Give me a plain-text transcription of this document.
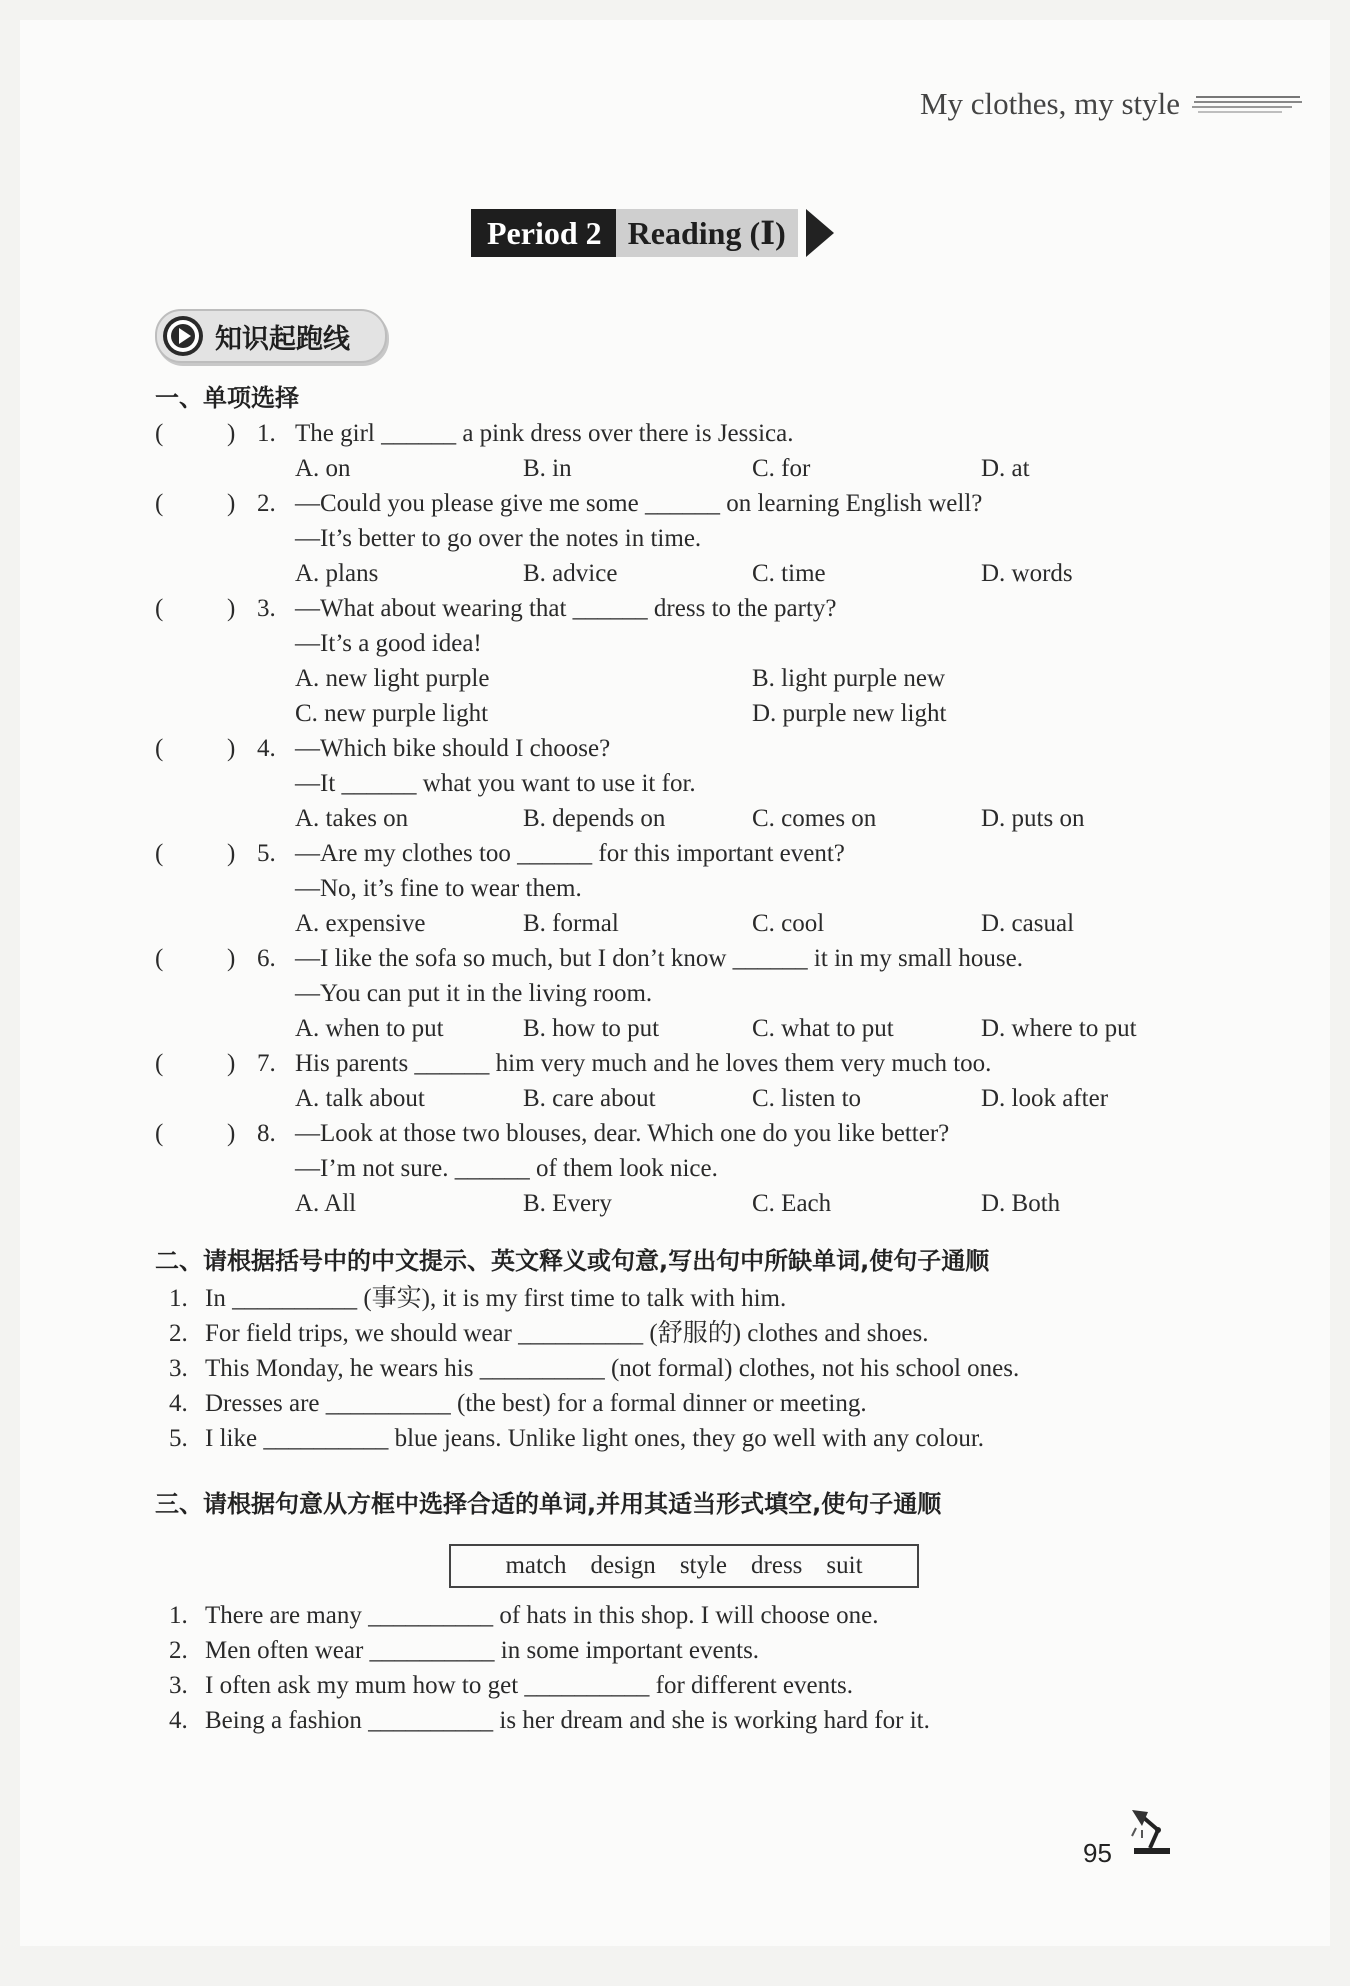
My clothes, my style
Period 2 Reading (Ⅰ)
知识起跑线
一、单项选择
(	) 1. The girl ______ a pink dress over there is Jessica.
A. on	B. in	C. for	D. at
(	) 2. —Could you please give me some ______ on learning English well?
—It’s better to go over the notes in time.
A. plans	B. advice	C. time	D. words
(	) 3. —What about wearing that ______ dress to the party?
—It’s a good idea!
A. new light purple	B. light purple new
C. new purple light	D. purple new light
(	) 4. —Which bike should I choose?
—It ______ what you want to use it for.
A. takes on	B. depends on	C. comes on	D. puts on
(	) 5. —Are my clothes too ______ for this important event?
—No, it’s fine to wear them.
A. expensive	B. formal	C. cool	D. casual
(	) 6. —I like the sofa so much, but I don’t know ______ it in my small house.
—You can put it in the living room.
A. when to put	B. how to put	C. what to put	D. where to put
(	) 7. His parents ______ him very much and he loves them very much too.
A. talk about	B. care about	C. listen to	D. look after
(	) 8. —Look at those two blouses, dear. Which one do you like better?
—I’m not sure. ______ of them look nice.
A. All	B. Every	C. Each	D. Both
二、请根据括号中的中文提示、英文释义或句意,写出句中所缺单词,使句子通顺
1. In __________ (事实), it is my first time to talk with him.
2. For field trips, we should wear __________ (舒服的) clothes and shoes.
3. This Monday, he wears his __________ (not formal) clothes, not his school ones.
4. Dresses are __________ (the best) for a formal dinner or meeting.
5. I like __________ blue jeans. Unlike light ones, they go well with any colour.
三、请根据句意从方框中选择合适的单词,并用其适当形式填空,使句子通顺
match design style dress suit
1. There are many __________ of hats in this shop. I will choose one.
2. Men often wear __________ in some important events.
3. I often ask my mum how to get __________ for different events.
4. Being a fashion __________ is her dream and she is working hard for it.
95
